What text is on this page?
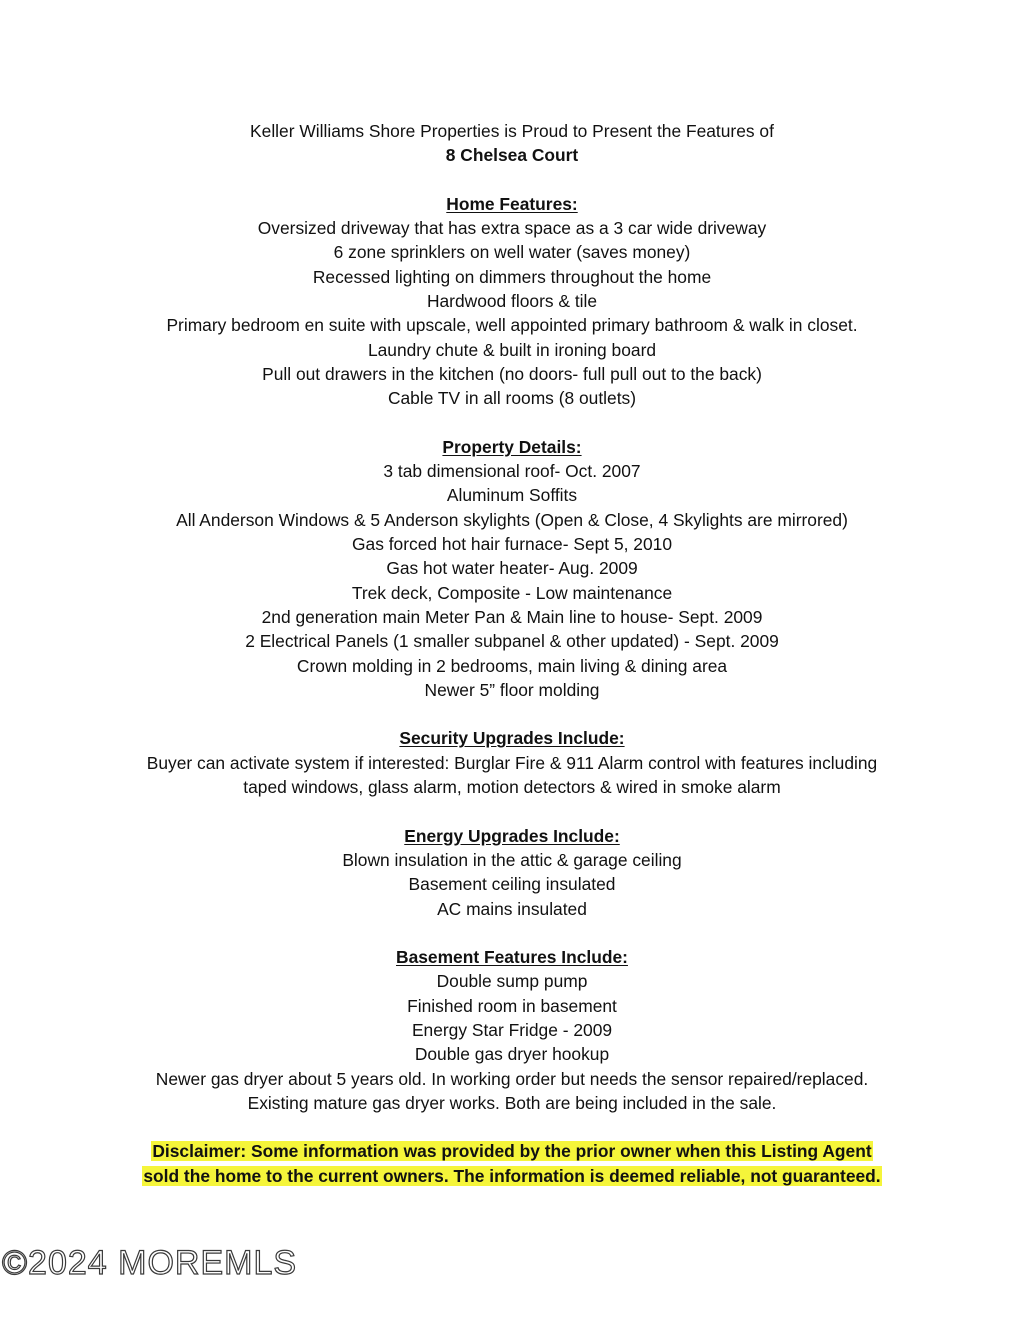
Keller Williams Shore Properties is Proud to Present the Features of
8 Chelsea Court
Home Features:
Oversized driveway that has extra space as a 3 car wide driveway
6 zone sprinklers on well water (saves money)
Recessed lighting on dimmers throughout the home
Hardwood floors & tile
Primary bedroom en suite with upscale, well appointed primary bathroom & walk in closet.
Laundry chute & built in ironing board
Pull out drawers in the kitchen (no doors- full pull out to the back)
Cable TV in all rooms (8 outlets)
Property Details:
3 tab dimensional roof- Oct. 2007
Aluminum Soffits
All Anderson Windows & 5 Anderson skylights (Open & Close, 4 Skylights are mirrored)
Gas forced hot hair furnace- Sept 5, 2010
Gas hot water heater- Aug. 2009
Trek deck, Composite - Low maintenance
2nd generation main Meter Pan & Main line to house- Sept. 2009
2 Electrical Panels (1 smaller subpanel & other updated) - Sept. 2009
Crown molding in 2 bedrooms, main living & dining area
Newer 5” floor molding
Security Upgrades Include:
Buyer can activate system if interested: Burglar Fire & 911 Alarm control with features including
taped windows, glass alarm, motion detectors & wired in smoke alarm
Energy Upgrades Include:
Blown insulation in the attic & garage ceiling
Basement ceiling insulated
AC mains insulated
Basement Features Include:
Double sump pump
Finished room in basement
Energy Star Fridge - 2009
Double gas dryer hookup
Newer gas dryer about 5 years old. In working order but needs the sensor repaired/replaced.
Existing mature gas dryer works. Both are being included in the sale.
Disclaimer: Some information was provided by the prior owner when this Listing Agent
sold the home to the current owners. The information is deemed reliable, not guaranteed.
©2024 MOREMLS
